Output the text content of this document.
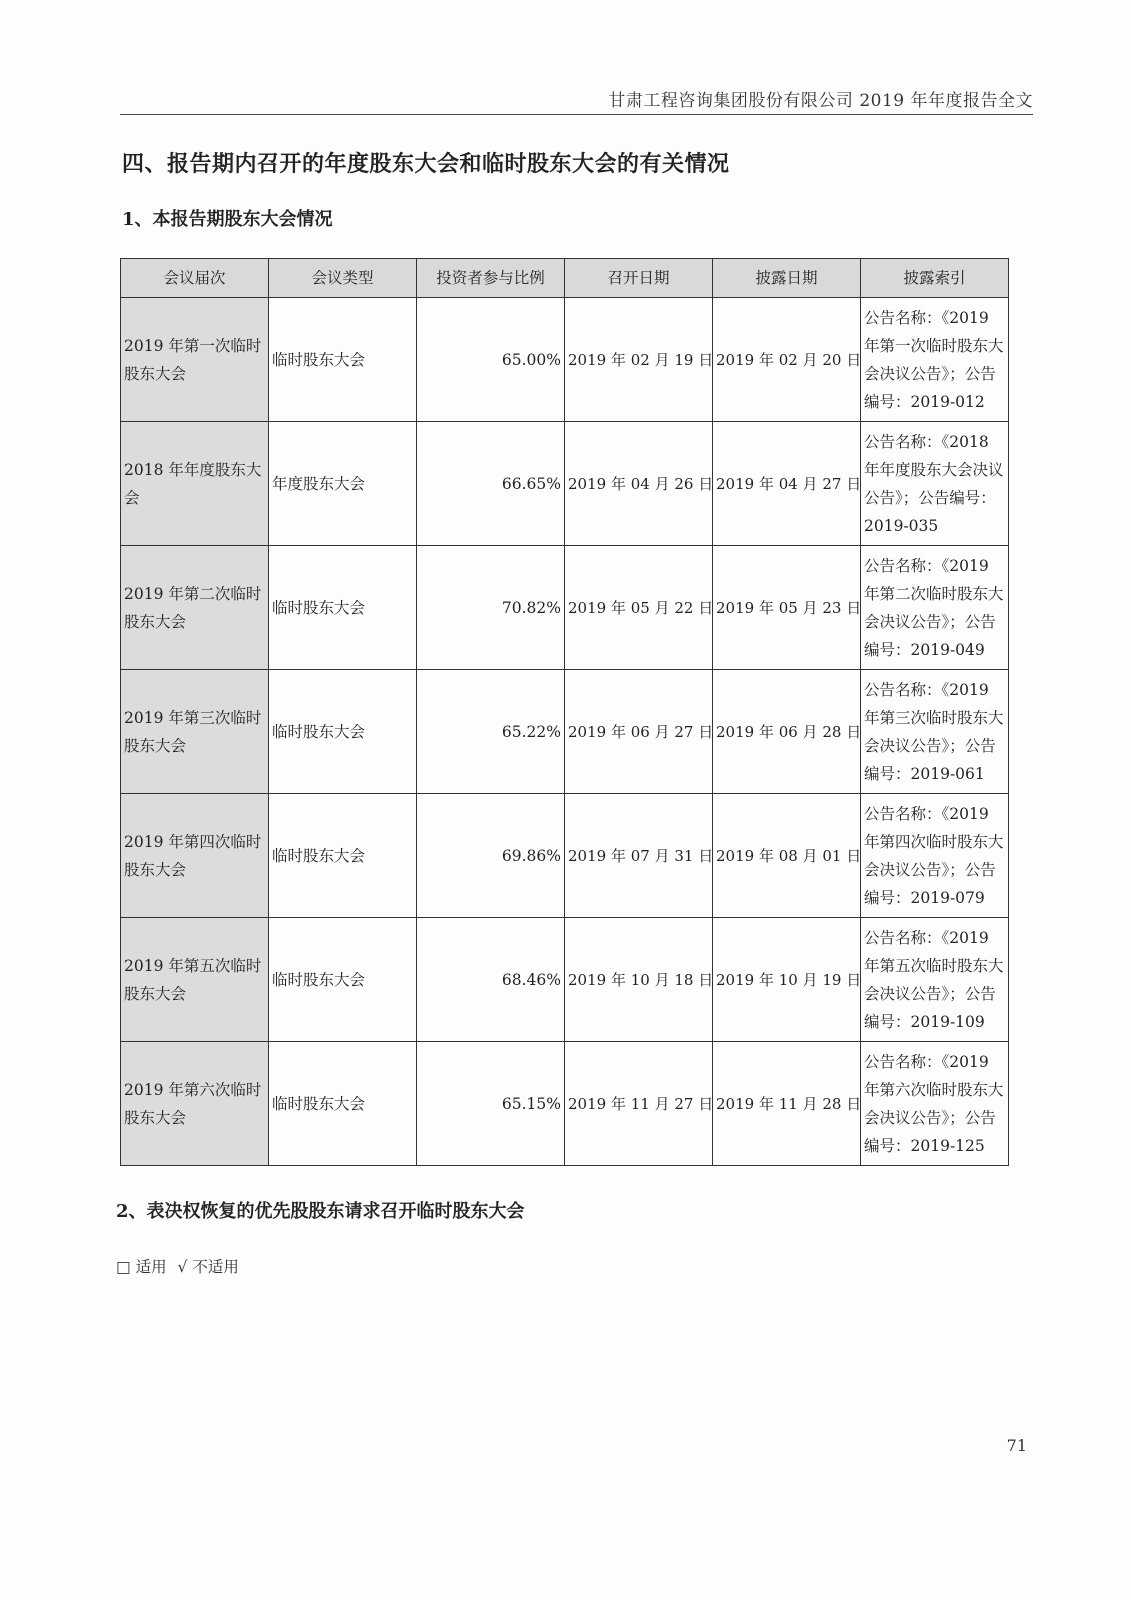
甘肃工程咨询集团股份有限公司 2019 年年度报告全文
四、报告期内召开的年度股东大会和临时股东大会的有关情况
1、本报告期股东大会情况
会议届次	会议类型	投资者参与比例	召开日期	披露日期	披露索引
2019 年第一次临时股东大会	临时股东大会	65.00%	2019 年 02 月 19 日	2019 年 02 月 20 日	公告名称：《2019 年第一次临时股东大会决议公告》；公告编号：2019-012
2018 年年度股东大会	年度股东大会	66.65%	2019 年 04 月 26 日	2019 年 04 月 27 日	公告名称：《2018 年年度股东大会决议公告》；公告编号：2019-035
2019 年第二次临时股东大会	临时股东大会	70.82%	2019 年 05 月 22 日	2019 年 05 月 23 日	公告名称：《2019 年第二次临时股东大会决议公告》；公告编号：2019-049
2019 年第三次临时股东大会	临时股东大会	65.22%	2019 年 06 月 27 日	2019 年 06 月 28 日	公告名称：《2019 年第三次临时股东大会决议公告》；公告编号：2019-061
2019 年第四次临时股东大会	临时股东大会	69.86%	2019 年 07 月 31 日	2019 年 08 月 01 日	公告名称：《2019 年第四次临时股东大会决议公告》；公告编号：2019-079
2019 年第五次临时股东大会	临时股东大会	68.46%	2019 年 10 月 18 日	2019 年 10 月 19 日	公告名称：《2019 年第五次临时股东大会决议公告》；公告编号：2019-109
2019 年第六次临时股东大会	临时股东大会	65.15%	2019 年 11 月 27 日	2019 年 11 月 28 日	公告名称：《2019 年第六次临时股东大会决议公告》；公告编号：2019-125
2、表决权恢复的优先股股东请求召开临时股东大会
□ 适用 √ 不适用
71
